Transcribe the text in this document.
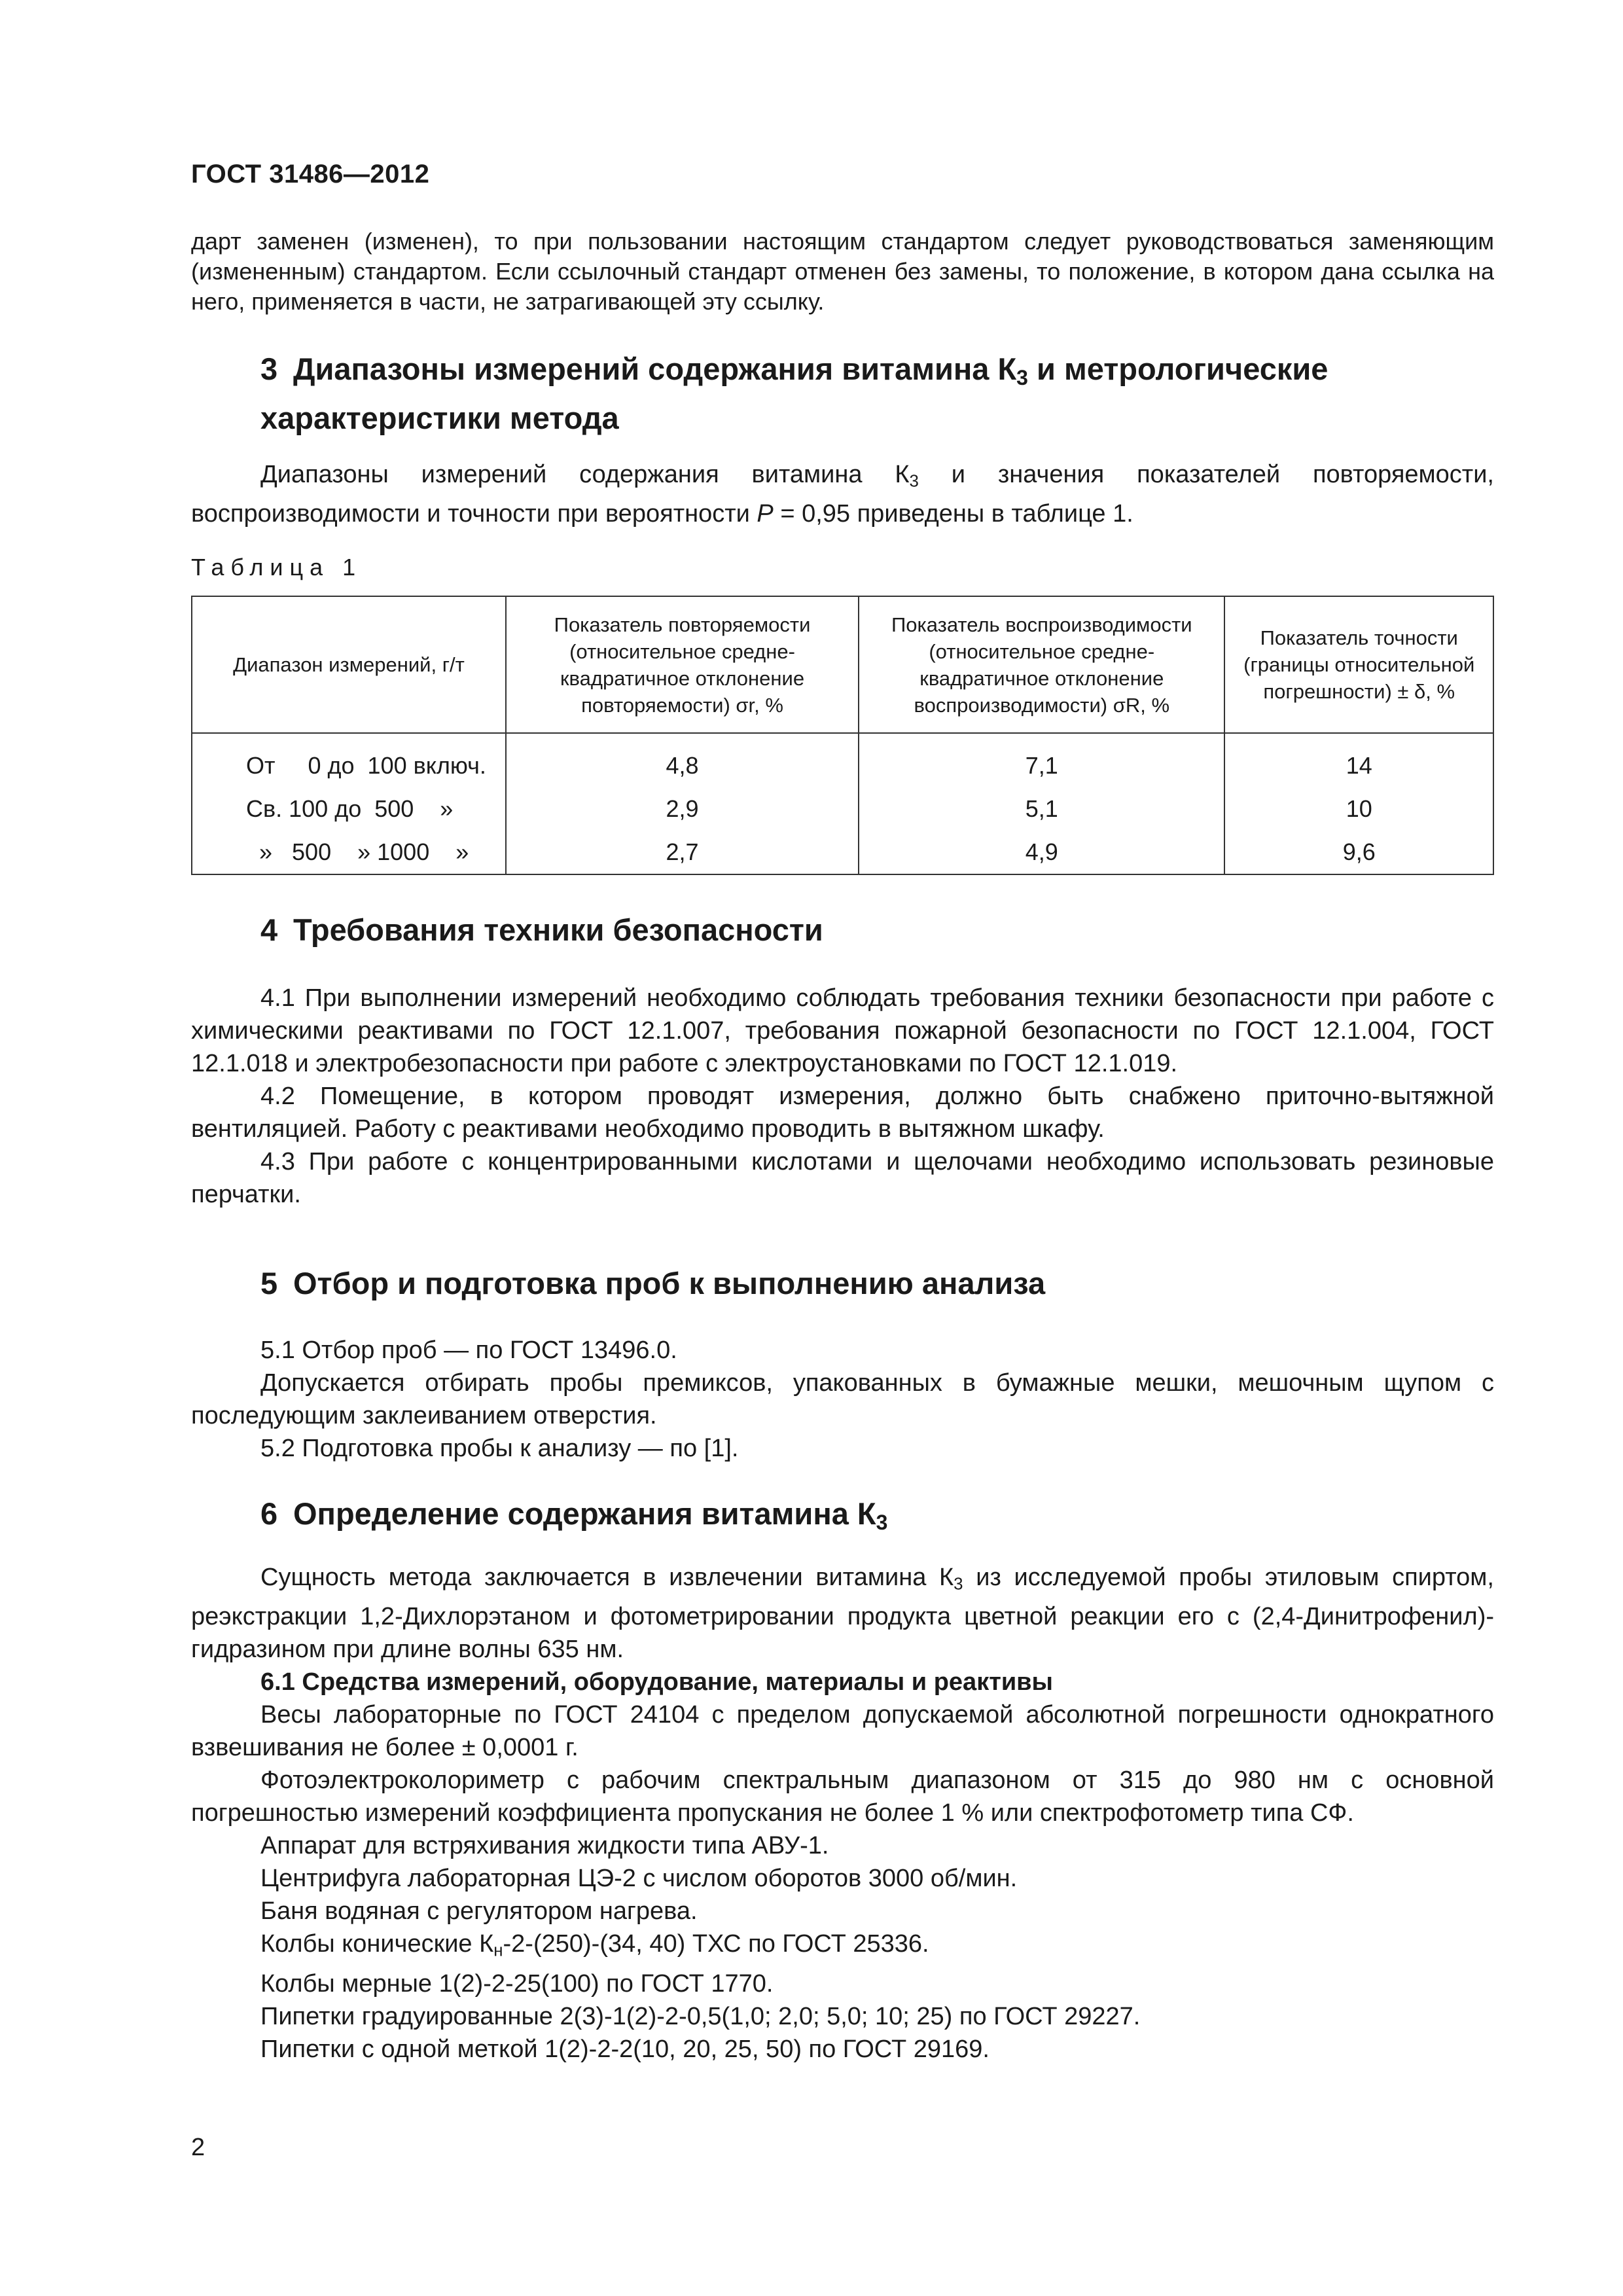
ГОСТ 31486—2012

дарт заменен (изменен), то при пользовании настоящим стандартом следует руководствоваться заменяющим (измененным) стандартом. Если ссылочный стандарт отменен без замены, то положение, в котором дана ссылка на него, применяется в части, не затрагивающей эту ссылку.

3 Диапазоны измерений содержания витамина $К_3$ и метрологические характеристики метода

Диапазоны измерений содержания витамина $К_3$ и значения показателей повторяемости, воспроизводимости и точности при вероятности P = 0,95 приведены в таблице 1.

Таблица 1
Диапазон измерений, г/т	Показатель повторяемости (относительное средне-квадратичное отклонение повторяемости) σr, %	Показатель воспроизводимости (относительное средне-квадратичное отклонение воспроизводимости) σR, %	Показатель точности (границы относительной погрешности) ± δ, %
От     0 до  100 включ.	4,8	7,1	14
Св. 100 до  500    »	2,9	5,1	10
»   500    » 1000    »	2,7	4,9	9,6
4 Требования техники безопасности

4.1 При выполнении измерений необходимо соблюдать требования техники безопасности при работе с химическими реактивами по ГОСТ 12.1.007, требования пожарной безопасности по ГОСТ 12.1.004, ГОСТ 12.1.018 и электробезопасности при работе с электроустановками по ГОСТ 12.1.019.

4.2 Помещение, в котором проводят измерения, должно быть снабжено приточно-вытяжной вентиляцией. Работу с реактивами необходимо проводить в вытяжном шкафу.

4.3 При работе с концентрированными кислотами и щелочами необходимо использовать резиновые перчатки.

5 Отбор и подготовка проб к выполнению анализа

5.1 Отбор проб — по ГОСТ 13496.0.

Допускается отбирать пробы премиксов, упакованных в бумажные мешки, мешочным щупом с последующим заклеиванием отверстия.

5.2 Подготовка пробы к анализу — по [1].

6 Определение содержания витамина $К_3$

Сущность метода заключается в извлечении витамина $К_3$ из исследуемой пробы этиловым спиртом, реэкстракции 1,2-Дихлорэтаном и фотометрировании продукта цветной реакции его с (2,4-Динитрофенил)-гидразином при длине волны 635 нм.

6.1 Средства измерений, оборудование, материалы и реактивы

Весы лабораторные по ГОСТ 24104 с пределом допускаемой абсолютной погрешности однократного взвешивания не более ± 0,0001 г.

Фотоэлектроколориметр с рабочим спектральным диапазоном от 315 до 980 нм с основной погрешностью измерений коэффициента пропускания не более 1 % или спектрофотометр типа СФ.

Аппарат для встряхивания жидкости типа АВУ-1.

Центрифуга лабораторная ЦЭ-2 с числом оборотов 3000 об/мин.

Баня водяная с регулятором нагрева.

Колбы конические $К_н-2-(250)-(34$, 40) ТХС по ГОСТ 25336.

Колбы мерные 1(2)-2-25(100) по ГОСТ 1770.

Пипетки градуированные 2(3)-1(2)-2-0,5(1,0; 2,0; 5,0; 10; 25) по ГОСТ 29227.

Пипетки с одной меткой 1(2)-2-2(10, 20, 25, 50) по ГОСТ 29169.

2
